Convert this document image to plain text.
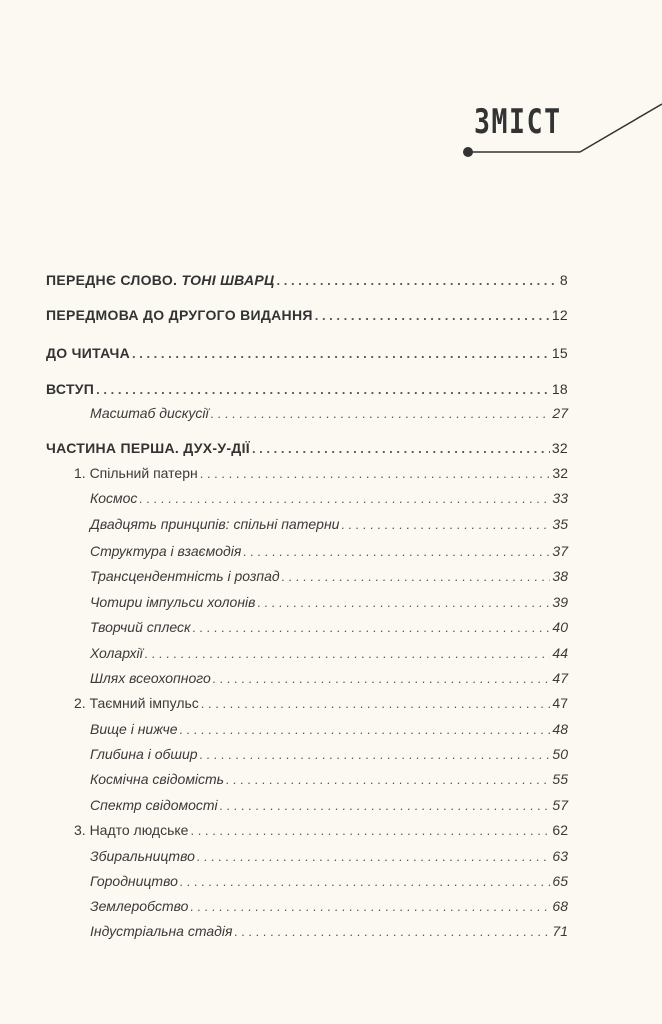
ЗМІСТ
ПЕРЕДНЄ СЛОВО. ТОНІ ШВАРЦ . . .	8
ПЕРЕДМОВА ДО ДРУГОГО ВИДАННЯ . . .	12
ДО ЧИТАЧА . . .	15
ВСТУП . . .	18
Масштаб дискусії . . .	27
ЧАСТИНА ПЕРША. ДУХ-У-ДІЇ . . .	32
1. Спільний патерн . . .	32
Космос . . .	33
Двадцять принципів: спільні патерни . . .	35
Структура і взаємодія . . .	37
Трансцендентність і розпад . . .	38
Чотири імпульси холонів . . .	39
Творчий сплеск . . .	40
Холархії . . .	44
Шлях всеохопного . . .	47
2. Таємний імпульс . . .	47
Вище і нижче . . .	48
Глибина і обшир . . .	50
Космічна свідомість . . .	55
Спектр свідомості . . .	57
3. Надто людське . . .	62
Збиральництво . . .	63
Городництво . . .	65
Землеробство . . .	68
Індустріальна стадія . . .	71
